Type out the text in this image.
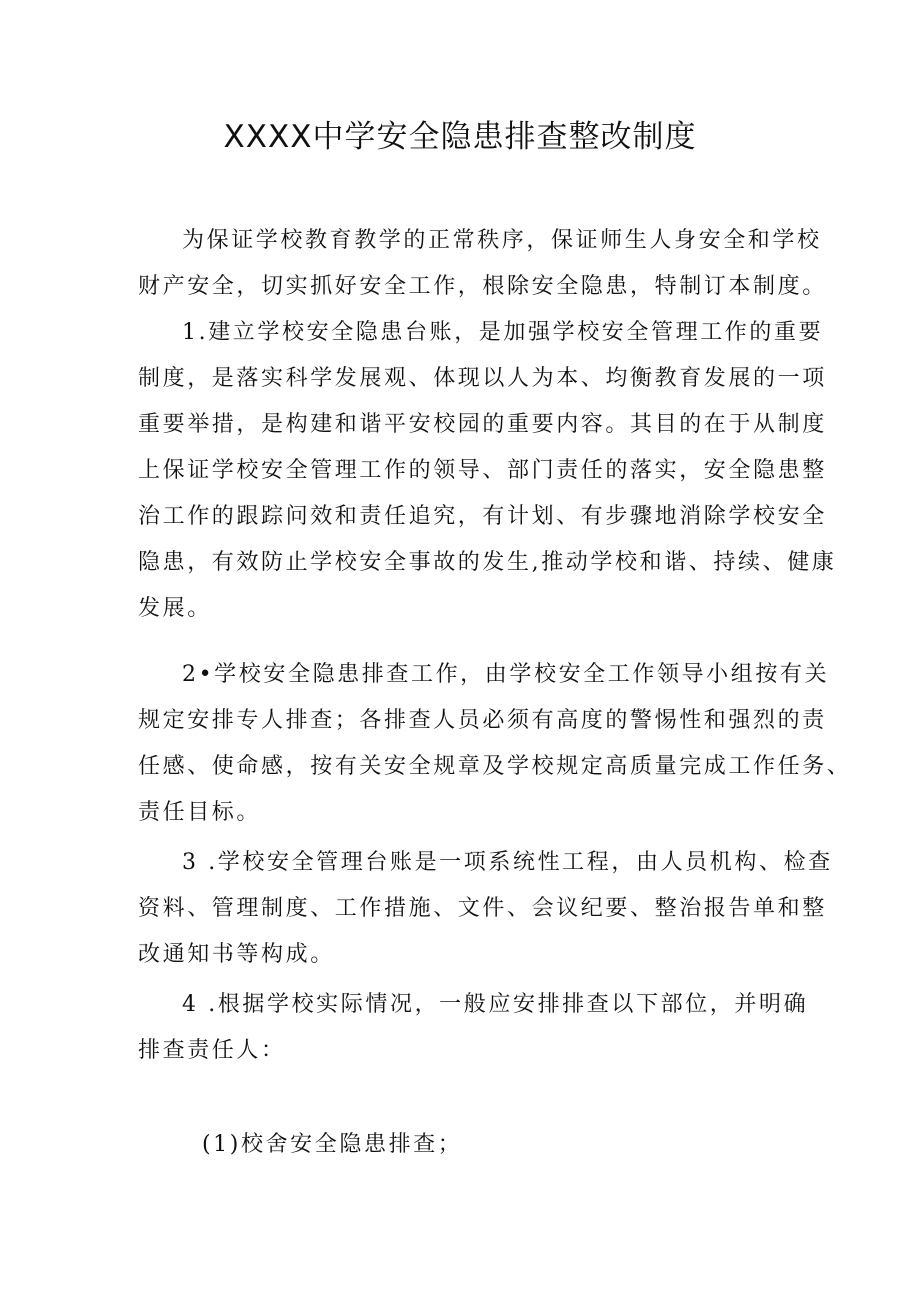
XXXX中学安全隐患排查整改制度

为保证学校教育教学的正常秩序，保证师生人身安全和学校
财产安全，切实抓好安全工作，根除安全隐患，特制订本制度。

1.建立学校安全隐患台账，是加强学校安全管理工作的重要
制度，是落实科学发展观、体现以人为本、均衡教育发展的一项
重要举措，是构建和谐平安校园的重要内容。其目的在于从制度
上保证学校安全管理工作的领导、部门责任的落实，安全隐患整
治工作的跟踪问效和责任追究，有计划、有步骤地消除学校安全
隐患，有效防止学校安全事故的发生,推动学校和谐、持续、健康
发展。

2•学校安全隐患排查工作，由学校安全工作领导小组按有关
规定安排专人排查；各排查人员必须有高度的警惕性和强烈的责
任感、使命感，按有关安全规章及学校规定高质量完成工作任务、
责任目标。

3 .学校安全管理台账是一项系统性工程，由人员机构、检查
资料、管理制度、工作措施、文件、会议纪要、整治报告单和整
改通知书等构成。

4 .根据学校实际情况，一般应安排排查以下部位，并明确
排查责任人：

(1)校舍安全隐患排查；
